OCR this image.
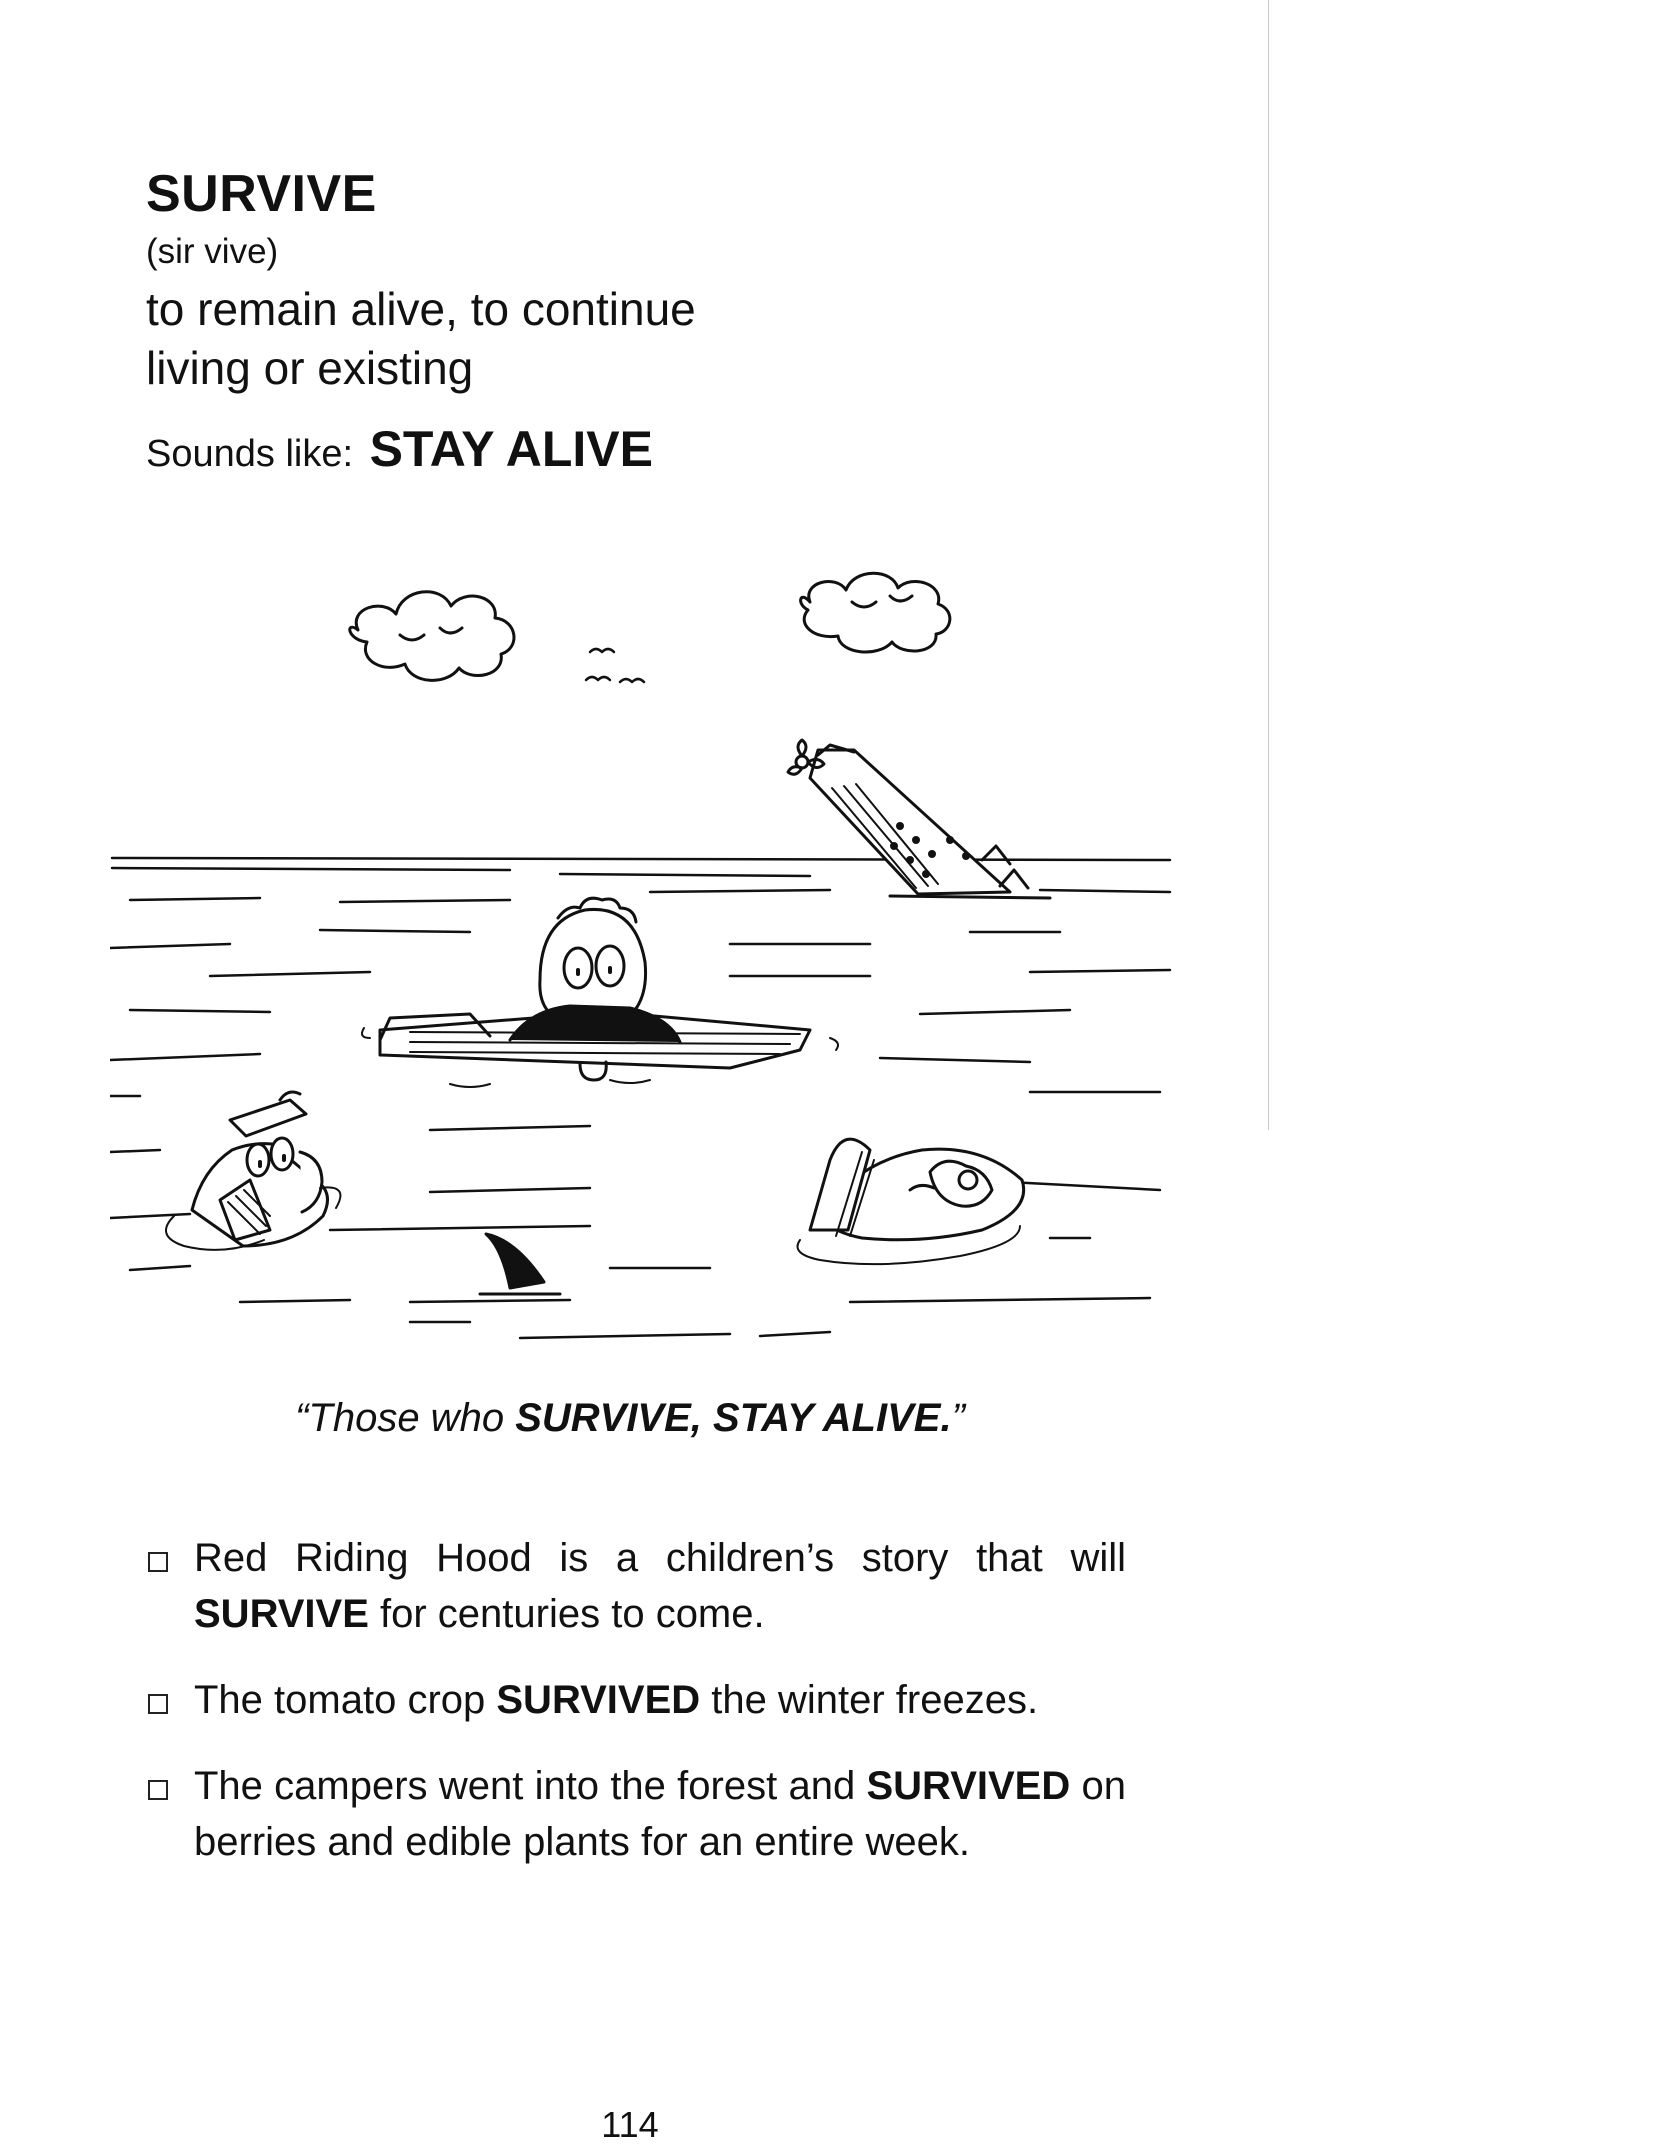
SURVIVE
(sir vive)
to remain alive, to continue living or existing
Sounds like: STAY ALIVE
“Those who SURVIVE, STAY ALIVE.”
Red Riding Hood is a children’s story that will SURVIVE for centuries to come.
The tomato crop SURVIVED the winter freezes.
The campers went into the forest and SURVIVED on berries and edible plants for an entire week.
114
